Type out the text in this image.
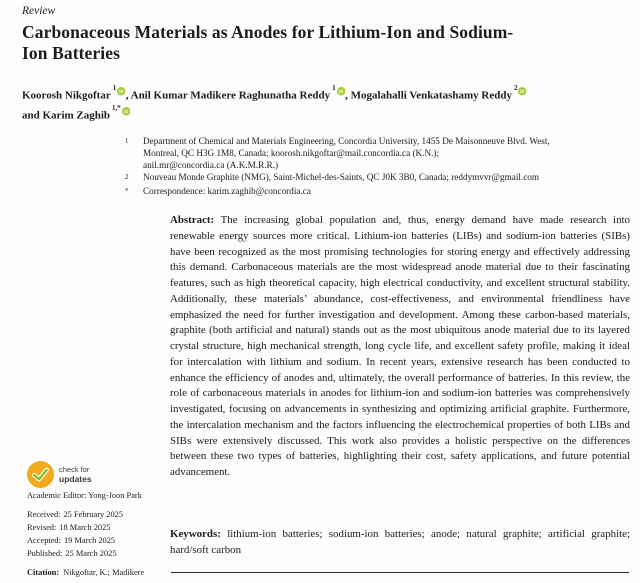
Review
Carbonaceous Materials as Anodes for Lithium-Ion and Sodium-Ion Batteries
Koorosh Nikgoftar$^1$ iD , Anil Kumar Madikere Raghunatha Reddy$^1$ iD , Mogalahalli Venkatashamy Reddy$^2$ iD
and Karim Zaghib$^{1,*}$ iD
1	Department of Chemical and Materials Engineering, Concordia University, 1455 De Maisonneuve Blvd. West,
Montreal, QC H3G 1M8, Canada; koorosh.nikgoftar@mail.concordia.ca (K.N.);
anil.mr@concordia.ca (A.K.M.R.R.)
2	Nouveau Monde Graphite (NMG), Saint-Michel-des-Saints, QC J0K 3B0, Canada; reddymvvr@gmail.com
*	Correspondence: karim.zaghib@concordia.ca
Abstract: The increasing global population and, thus, energy demand have made research into renewable energy sources more critical. Lithium-ion batteries (LIBs) and sodium-ion batteries (SIBs) have been recognized as the most promising technologies for storing energy and effectively addressing this demand. Carbonaceous materials are the most widespread anode material due to their fascinating features, such as high theoretical capacity, high electrical conductivity, and excellent structural stability. Additionally, these materials’ abundance, cost-effectiveness, and environmental friendliness have emphasized the need for further investigation and development. Among these carbon-based materials, graphite (both artificial and natural) stands out as the most ubiquitous anode material due to its layered crystal structure, high mechanical strength, long cycle life, and excellent safety profile, making it ideal for intercalation with lithium and sodium. In recent years, extensive research has been conducted to enhance the efficiency of anodes and, ultimately, the overall performance of batteries. In this review, the role of carbonaceous materials in anodes for lithium-ion and sodium-ion batteries was comprehensively investigated, focusing on advancements in synthesizing and optimizing artificial graphite. Furthermore, the intercalation mechanism and the factors influencing the electrochemical properties of both LIBs and SIBs were extensively discussed. This work also provides a holistic perspective on the differences between these two types of batteries, highlighting their cost, safety applications, and future potential advancement.
Keywords: lithium-ion batteries; sodium-ion batteries; anode; natural graphite; artificial graphite; hard/soft carbon
check for
updates
Academic Editor: Yong-Joon Park
Received: 25 February 2025
Revised: 18 March 2025
Accepted: 19 March 2025
Published: 25 March 2025
Citation: Nikgoftar, K.; Madikere
